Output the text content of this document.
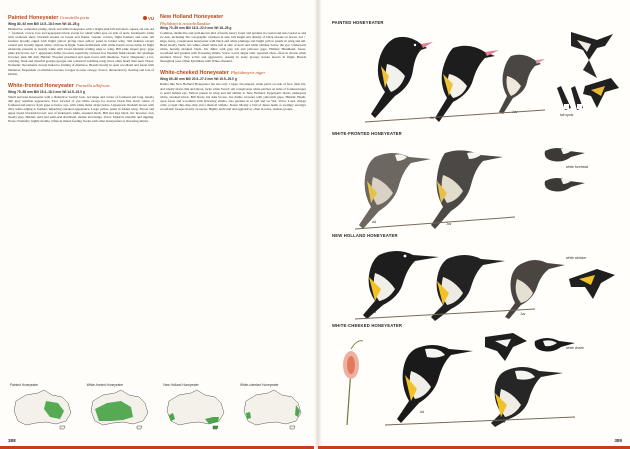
Painted Honeyeater Grantiella picta	VU
Wing 80–92 mm Bill 14.5–18.0 mm Wt 18–28 g
Distinctive, somewhat plump, black and white honeyeater with a bright pink bill and short, square-cut tail. Ad ♂ forehead, crown, face and upperparts black except for small white spot on side of neck. Underparts white with scattered short, blackish streaks on breast and flanks. Greater coverts, flight feathers and outer tail feathers broadly edged with bright yellow giving clear yellow panel in folded wing. Tail feathers except central pair broadly tipped white; obvious in flight. Some individuals with white bound across rump. In flight underside presents as mostly white with broad blackish trailing edge to wing. Bill pink, tipped grey; gape pink; iris brown. Ad ♀ upperparts duller, browner, especially on head, few blackish flank streaks. Juv plumage browner, pink bill dull. Habitat: Wooded grassland and open forest with mistletoe. Voice: Diagnostic, a far-carrying, brisk and cheerful georgie georgie and a musical warbling song; more often heard than seen. Notes: Nomadic; movements closely linked to fruiting of mistletoe. Breeds mostly in open woodland and forest with mistletoe; Dependent on mistletoe berries, forages in outer canopy. Scarce, threatened by clearing and loss of habitat.
White-fronted Honeyeater Purnella albifrons
Wing 79–88 mm Bill 15.4–18.2 mm Wt 14.5–23.0 g
Small and lean honeyeater with a distinctive 'toothy' look. Ad shape and colour of forehead and long, mostly dull grey reptilian appearance. Face forward of eye white except for narrow black line down centre of forehead and narrow from gape to below eye, with white malar stripe below. Upperparts blackish brown with dirty white edging to feathers imparting streaked appearance. Large yellow panel in folded wing. Throat and upper breast blackish brown; rest of underparts white, streaked black. Bill and legs black. Juv browner, face mostly grey. Habitat: Arid and semi-arid shrubland, mallee and mulga. Voice: Musical, metallic and rippling. Notes: Nomadic; highly mobile. Often in mixed feeding flocks with other honeyeaters at flowering shrubs.
New Holland Honeyeater
Phylidonyris novaehollandiae
Wing 70–85 mm Bill 16.5–22.0 mm Wt 18–28 g
Common, distinctive and well-known bird of heath, heavy forest and gardens in coastal and sub-coastal se and sw Aus, including Tas. Geographic variation in size, bill length and density of black streaks on breast. Ad ♂ large, fussy, conspicuous honeyeater with black and white plumage and bright yellow panels in wing and tail. Head mostly black; iris white; small white tuft at side of neck and white whisker below the eye. Underparts white, heavily streaked black. Juv duller with grey iris and yellower gape. Habitat: Heathland, forest, woodland and gardens with flowering shrubs. Voice: Loud, single whit, repeated chew, often in chorus when alarmed. Notes: Very active and aggressive; usually in noisy groups; hawks insects in flight. Breeds throughout year. Often hybridises with White-cheeked.
White-cheeked Honeyeater Phylidonyris niger
Wing 69–80 mm Bill 20.5–27.0 mm Wt 15.5–25.0 g
Rather like New Holland Honeyeater but has only 1 large, fan-shaped, white patch on side of face, dark iris, and wholly black chin and throat, lacks white 'beard'. All conspicuous white patches on sides of forehead taper to point behind eye. Yellow panels in wing and tail similar to New Holland. Upperparts black; underparts white, streaked black. Bill black; iris dark brown. Juv duller, browner with yellowish gape. Habitat: Heath, open forest and woodland with flowering shrubs, also gardens in se Qld and sw WA. Voice: Loud, chippy calls: a rapid chip-chip-chip and a musical whistle. Notes: Mostly a bird of dense heath or swampy eucalypt woodland; forages mostly on nectar. Highly territorial and aggressive; often in noisy, restless groups.
Painted Honeyeater	White-fronted Honeyeater	New Holland Honeyeater	White-cheeked Honeyeater
388
PAINTED HONEYEATER
WHITE-FRONTED HONEYEATER
NEW HOLLAND HONEYEATER
WHITE-CHEEKED HONEYEATER
Ad ♂
Ad ♀
Juv
tail spots
Ad	Juv
white forehead
Ad	Juv
white whisker
Ad
Juv
white cheek
389
